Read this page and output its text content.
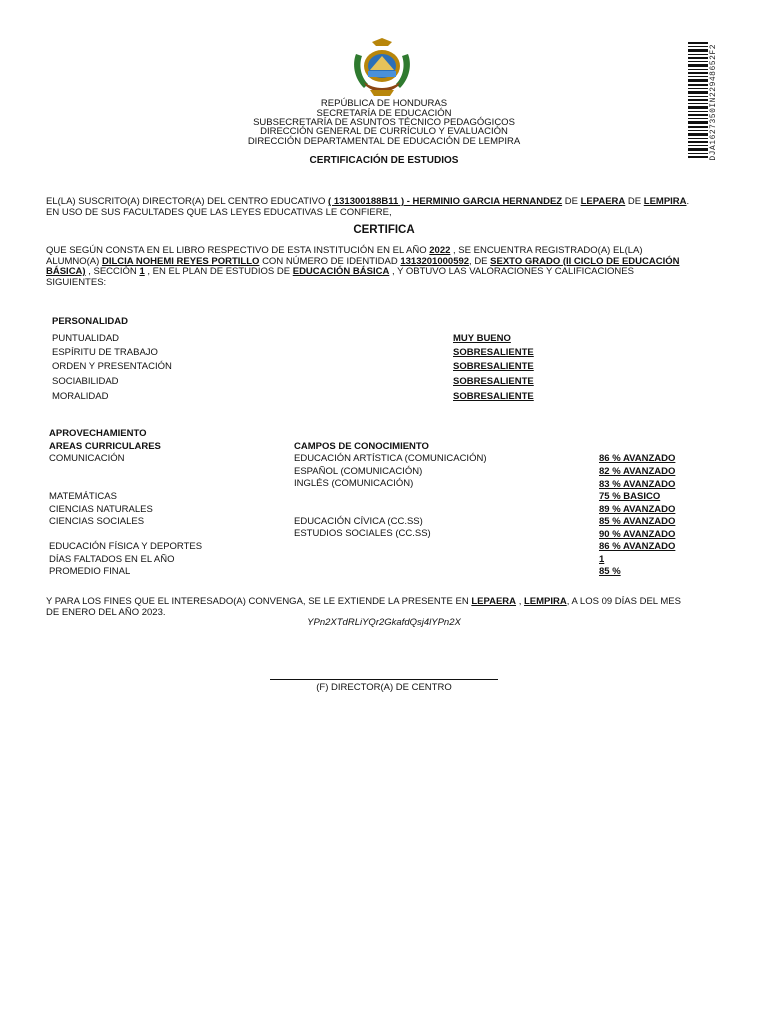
DJA1627350IN22948652F2
REPÚBLICA DE HONDURAS
SECRETARÍA DE EDUCACIÓN
SUBSECRETARÍA DE ASUNTOS TÉCNICO PEDAGÓGICOS
DIRECCIÓN GENERAL DE CURRÍCULO Y EVALUACIÓN
DIRECCIÓN DEPARTAMENTAL DE EDUCACIÓN DE LEMPIRA
CERTIFICACIÓN DE ESTUDIOS

EL(LA) SUSCRITO(A) DIRECTOR(A) DEL CENTRO EDUCATIVO ( 131300188B11 ) - HERMINIO GARCIA HERNANDEZ DE LEPAERA DE LEMPIRA.

EN USO DE SUS FACULTADES QUE LAS LEYES EDUCATIVAS LE CONFIERE,

CERTIFICA

QUE SEGÚN CONSTA EN EL LIBRO RESPECTIVO DE ESTA INSTITUCIÓN EN EL AÑO 2022 , SE ENCUENTRA REGISTRADO(A) EL(LA)

ALUMNO(A) DILCIA NOHEMI REYES PORTILLO CON NÚMERO DE IDENTIDAD 1313201000592, DE SEXTO GRADO (II CICLO DE EDUCACIÓN

BÁSICA) , SECCIÓN 1 , EN EL PLAN DE ESTUDIOS DE EDUCACIÓN BÁSICA , Y OBTUVO LAS VALORACIONES Y CALIFICACIONES

SIGUIENTES:

PERSONALIDAD
PUNTUALIDAD	MUY BUENO
ESPÍRITU DE TRABAJO	SOBRESALIENTE
ORDEN Y PRESENTACIÓN	SOBRESALIENTE
SOCIABILIDAD	SOBRESALIENTE
MORALIDAD	SOBRESALIENTE
APROVECHAMIENTO
AREAS CURRICULARES	CAMPOS DE CONOCIMIENTO
COMUNICACIÓN	EDUCACIÓN ARTÍSTICA (COMUNICACIÓN)	86 % AVANZADO
ESPAÑOL (COMUNICACIÓN)	82 % AVANZADO
INGLÉS (COMUNICACIÓN)	83 % AVANZADO
MATEMÁTICAS	75 % BASICO
CIENCIAS NATURALES	89 % AVANZADO
CIENCIAS SOCIALES	EDUCACIÓN CÍVICA (CC.SS)	85 % AVANZADO
ESTUDIOS SOCIALES (CC.SS)	90 % AVANZADO
EDUCACIÓN FÍSICA Y DEPORTES	86 % AVANZADO
DÍAS FALTADOS EN EL AÑO	1
PROMEDIO FINAL	85 %

Y PARA LOS FINES QUE EL INTERESADO(A) CONVENGA, SE LE EXTIENDE LA PRESENTE EN LEPAERA , LEMPIRA, A LOS 09 DÍAS DEL MES

DE ENERO DEL AÑO 2023.

YPn2XTdRLiYQr2GkafdQsj4lYPn2X
(F) DIRECTOR(A) DE CENTRO
